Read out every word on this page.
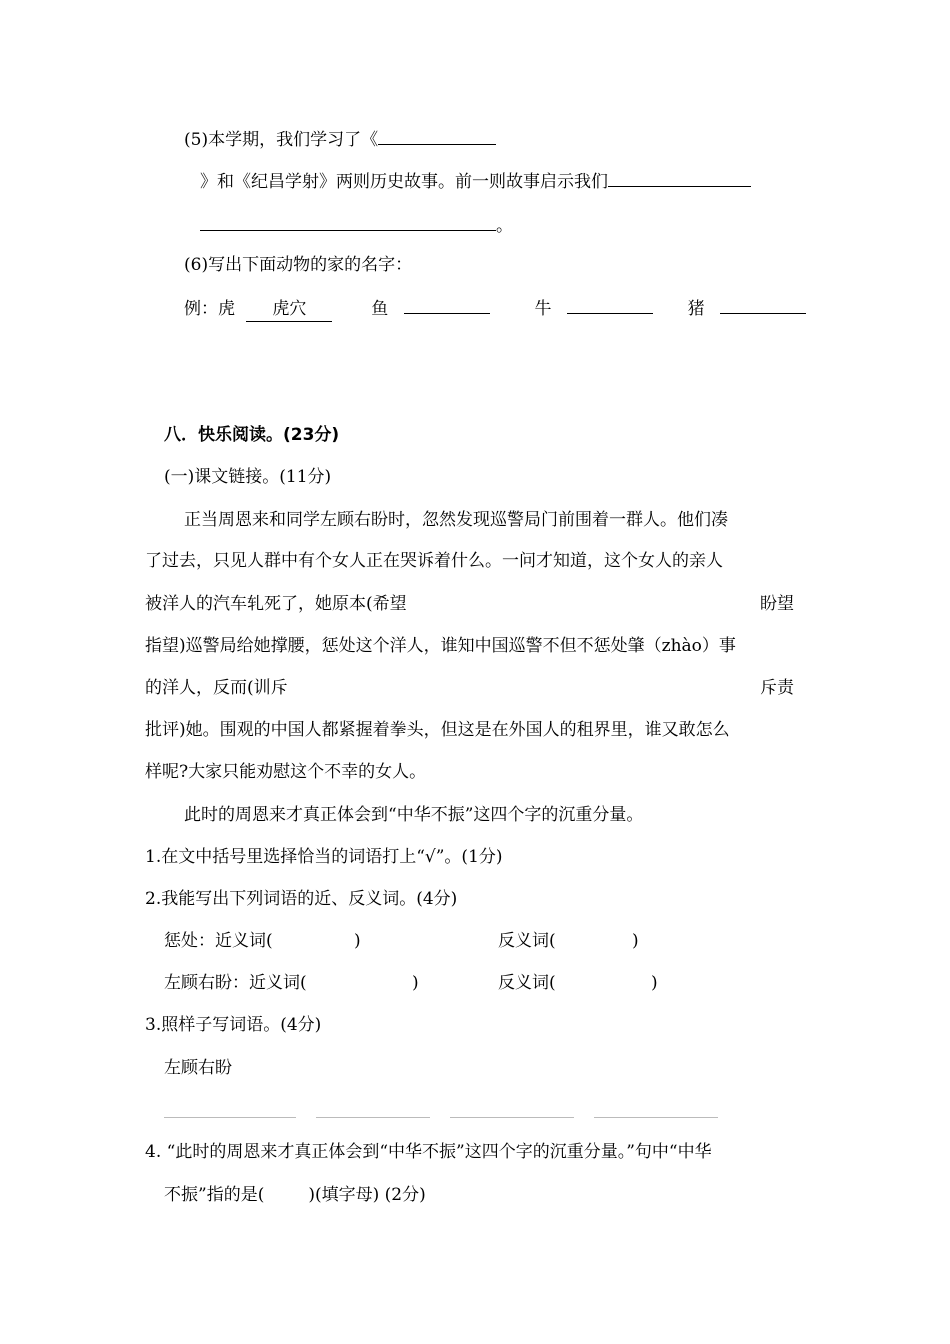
(5)本学期，我们学习了《
》和《纪昌学射》两则历史故事。前一则故事启示我们
。
(6)写出下面动物的家的名字：
例：虎 虎穴	鱼	牛	猪
八．快乐阅读。(23分)
(一)课文链接。(11分)
正当周恩来和同学左顾右盼时，忽然发现巡警局门前围着一群人。他们凑
了过去，只见人群中有个女人正在哭诉着什么。一问才知道，这个女人的亲人
被洋人的汽车轧死了，她原本(希望	盼望
指望)巡警局给她撑腰，惩处这个洋人，谁知中国巡警不但不惩处肇（zhào）事
的洋人，反而(训斥	斥责
批评)她。围观的中国人都紧握着拳头，但这是在外国人的租界里，谁又敢怎么
样呢?大家只能劝慰这个不幸的女人。
此时的周恩来才真正体会到“中华不振”这四个字的沉重分量。
1.在文中括号里选择恰当的词语打上“√”。(1分)
2.我能写出下列词语的近、反义词。(4分)
惩处：近义词(	)	反义词(	)
左顾右盼：近义词(	)	反义词(	)
3.照样子写词语。(4分)
左顾右盼
4. “此时的周恩来才真正体会到“中华不振”这四个字的沉重分量。”句中“中华
不振”指的是(	)(填字母) (2分)
